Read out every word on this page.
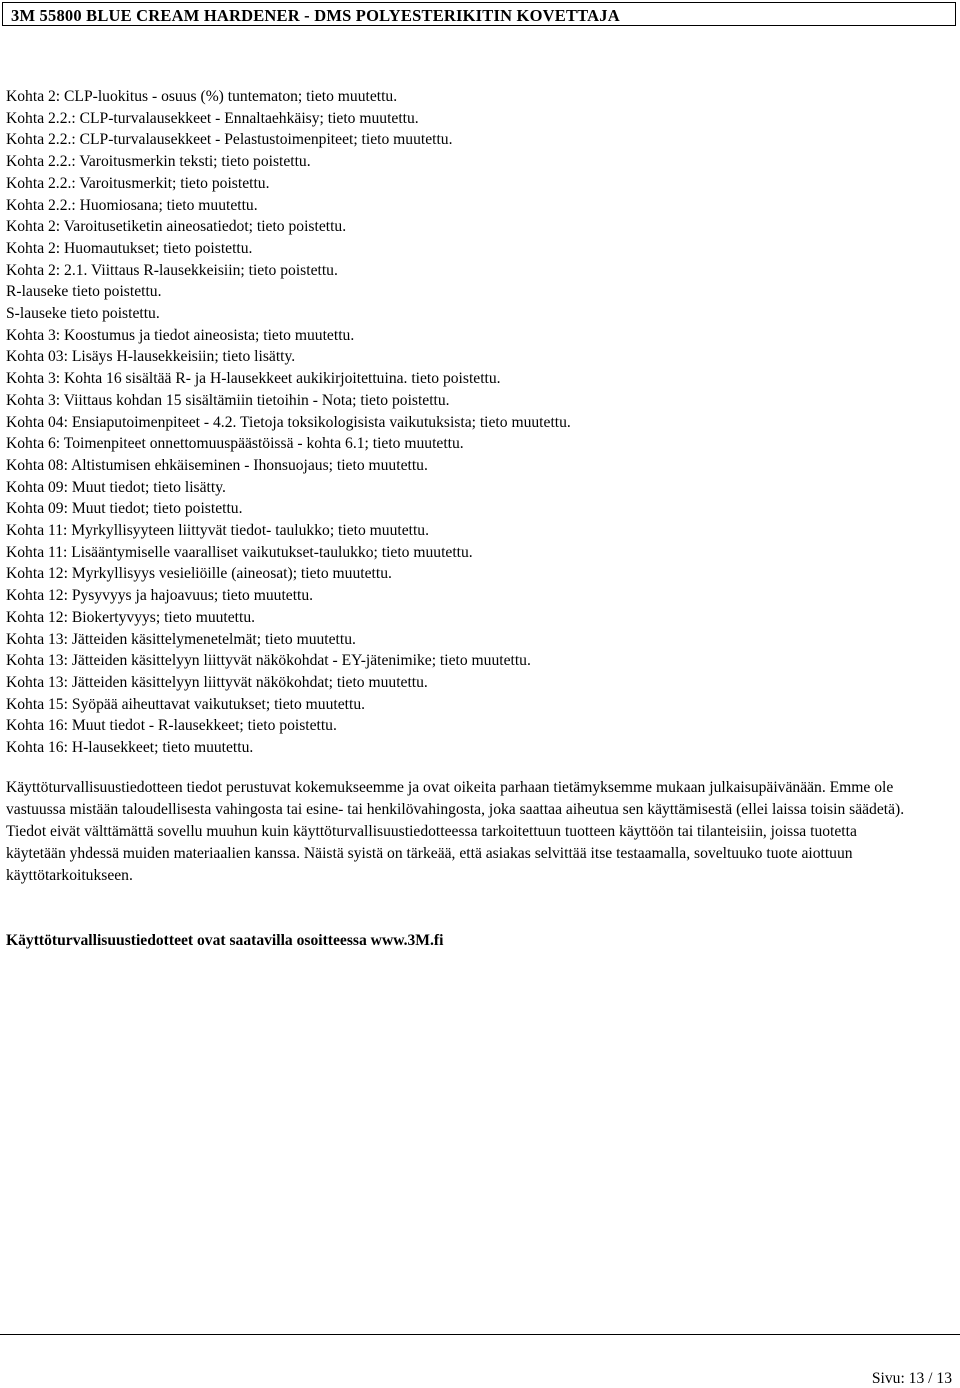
3M 55800 BLUE CREAM HARDENER - DMS POLYESTERIKITIN KOVETTAJA
Kohta 2: CLP-luokitus - osuus (%) tuntematon; tieto muutettu.
Kohta 2.2.: CLP-turvalausekkeet - Ennaltaehkäisy; tieto muutettu.
Kohta 2.2.: CLP-turvalausekkeet - Pelastustoimenpiteet; tieto muutettu.
Kohta 2.2.: Varoitusmerkin teksti; tieto poistettu.
Kohta 2.2.: Varoitusmerkit; tieto poistettu.
Kohta 2.2.: Huomiosana; tieto muutettu.
Kohta 2: Varoitusetiketin aineosatiedot; tieto poistettu.
Kohta 2: Huomautukset; tieto poistettu.
Kohta 2: 2.1. Viittaus R-lausekkeisiin; tieto poistettu.
R-lauseke tieto poistettu.
S-lauseke tieto poistettu.
Kohta 3: Koostumus ja tiedot aineosista; tieto muutettu.
Kohta 03: Lisäys H-lausekkeisiin; tieto lisätty.
Kohta 3: Kohta 16 sisältää R- ja H-lausekkeet aukikirjoitettuina. tieto poistettu.
Kohta 3: Viittaus kohdan 15 sisältämiin tietoihin - Nota; tieto poistettu.
Kohta 04: Ensiaputoimenpiteet - 4.2. Tietoja toksikologisista vaikutuksista; tieto muutettu.
Kohta 6: Toimenpiteet onnettomuuspäästöissä - kohta 6.1; tieto muutettu.
Kohta 08: Altistumisen ehkäiseminen - Ihonsuojaus; tieto muutettu.
Kohta 09: Muut tiedot; tieto lisätty.
Kohta 09: Muut tiedot; tieto poistettu.
Kohta 11: Myrkyllisyyteen liittyvät tiedot- taulukko; tieto muutettu.
Kohta 11: Lisääntymiselle vaaralliset vaikutukset-taulukko; tieto muutettu.
Kohta 12: Myrkyllisyys vesieliöille (aineosat); tieto muutettu.
Kohta 12: Pysyvyys ja hajoavuus; tieto muutettu.
Kohta 12: Biokertyvyys; tieto muutettu.
Kohta 13: Jätteiden käsittelymenetelmät; tieto muutettu.
Kohta 13: Jätteiden käsittelyyn liittyvät näkökohdat - EY-jätenimike; tieto muutettu.
Kohta 13: Jätteiden käsittelyyn liittyvät näkökohdat; tieto muutettu.
Kohta 15: Syöpää aiheuttavat vaikutukset; tieto muutettu.
Kohta 16: Muut tiedot - R-lausekkeet; tieto poistettu.
Kohta 16: H-lausekkeet; tieto muutettu.

Käyttöturvallisuustiedotteen tiedot perustuvat kokemukseemme ja ovat oikeita parhaan tietämyksemme mukaan julkaisupäivänään. Emme ole vastuussa mistään taloudellisesta vahingosta tai esine- tai henkilövahingosta, joka saattaa aiheutua sen käyttämisestä (ellei laissa toisin säädetä). Tiedot eivät välttämättä sovellu muuhun kuin käyttöturvallisuustiedotteessa tarkoitettuun tuotteen käyttöön tai tilanteisiin, joissa tuotetta käytetään yhdessä muiden materiaalien kanssa. Näistä syistä on tärkeää, että asiakas selvittää itse testaamalla, soveltuuko tuote aiottuun käyttötarkoitukseen.

Käyttöturvallisuustiedotteet ovat saatavilla osoitteessa www.3M.fi

Sivu: 13 / 13
